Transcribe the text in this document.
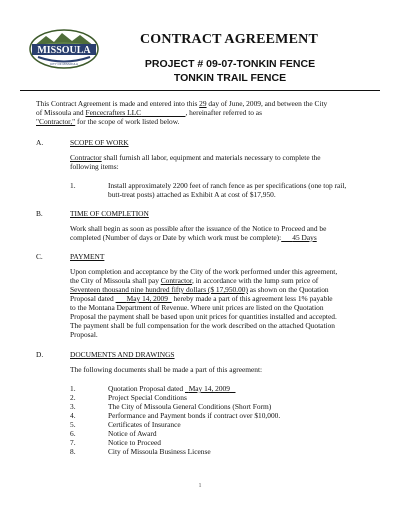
MISSOULA
CITY OF MISSOULA
CONTRACT AGREEMENT
PROJECT # 09-07-TONKIN FENCE
TONKIN TRAIL FENCE
This Contract Agreement is made and entered into this 29 day of June, 2009, and between the City
of Missoula and Fencecrafters LLC	, hereinafter referred to as
"Contractor," for the scope of work listed below.
A.	SCOPE OF WORK
Contractor shall furnish all labor, equipment and materials necessary to complete the
following items:
1.	Install approximately 2200 feet of ranch fence as per specifications (one top rail,
butt-treat posts) attached as Exhibit A at cost of $17,950.
B.	TIME OF COMPLETION
Work shall begin as soon as possible after the issuance of the Notice to Proceed and be
completed (Number of days or Date by which work must be complete): 45 Days
C.	PAYMENT
Upon completion and acceptance by the City of the work performed under this agreement,
the City of Missoula shall pay Contractor, in accordance with the lump sum price of
Seventeen thousand nine hundred fifty dollars ($ 17,950.00) as shown on the Quotation
Proposal dated       May 14, 2009   hereby made a part of this agreement less 1% payable
to the Montana Department of Revenue. Where unit prices are listed on the Quotation
Proposal the payment shall be based upon unit prices for quantities installed and accepted.
The payment shall be full compensation for the work described on the attached Quotation
Proposal.
D.	DOCUMENTS AND DRAWINGS
The following documents shall be made a part of this agreement:
1.	Quotation Proposal dated   May 14, 2009
2.	Project Special Conditions
3.	The City of Missoula General Conditions (Short Form)
4.	Performance and Payment bonds if contract over $10,000.
5.	Certificates of Insurance
6.	Notice of Award
7.	Notice to Proceed
8.	City of Missoula Business License
1
